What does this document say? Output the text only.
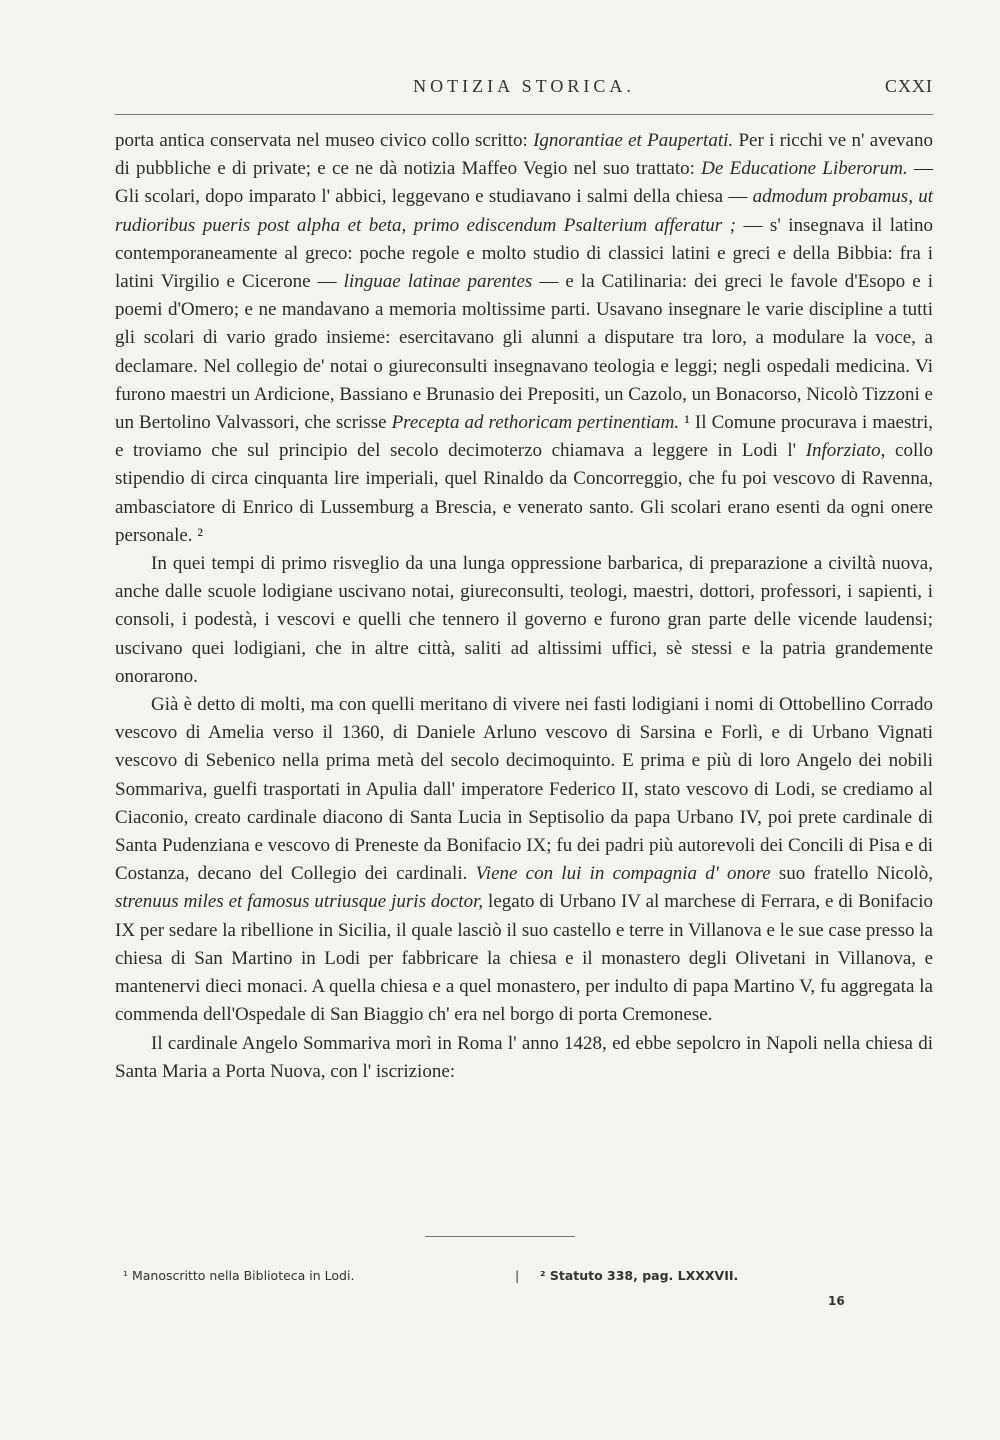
NOTIZIA STORICA.	CXXI

porta antica conservata nel museo civico collo scritto: Ignorantiae et Paupertati. Per i ricchi ve n' avevano di pubbliche e di private; e ce ne dà notizia Maffeo Vegio nel suo trattato: De Educatione Liberorum. — Gli scolari, dopo imparato l' abbici, leggevano e studiavano i salmi della chiesa — admodum probamus, ut rudioribus pueris post alpha et beta, primo ediscendum Psalterium afferatur ; — s' insegnava il latino contemporaneamente al greco: poche regole e molto studio di classici latini e greci e della Bibbia: fra i latini Virgilio e Cicerone — linguae latinae parentes — e la Catilinaria: dei greci le favole d'Esopo e i poemi d'Omero; e ne mandavano a memoria moltissime parti. Usavano insegnare le varie discipline a tutti gli scolari di vario grado insieme: esercitavano gli alunni a disputare tra loro, a modulare la voce, a declamare. Nel collegio de' notai o giureconsulti insegnavano teologia e leggi; negli ospedali medicina. Vi furono maestri un Ardicione, Bassiano e Brunasio dei Prepositi, un Cazolo, un Bonacorso, Nicolò Tizzoni e un Bertolino Valvassori, che scrisse Precepta ad rethoricam pertinentiam. ¹ Il Comune procurava i maestri, e troviamo che sul principio del secolo decimoterzo chiamava a leggere in Lodi l' Inforziato, collo stipendio di circa cinquanta lire imperiali, quel Rinaldo da Concorreggio, che fu poi vescovo di Ravenna, ambasciatore di Enrico di Lussemburg a Brescia, e venerato santo. Gli scolari erano esenti da ogni onere personale. ²

In quei tempi di primo risveglio da una lunga oppressione barbarica, di preparazione a civiltà nuova, anche dalle scuole lodigiane uscivano notai, giureconsulti, teologi, maestri, dottori, professori, i sapienti, i consoli, i podestà, i vescovi e quelli che tennero il governo e furono gran parte delle vicende laudensi; uscivano quei lodigiani, che in altre città, saliti ad altissimi uffici, sè stessi e la patria grandemente onorarono.

Già è detto di molti, ma con quelli meritano di vivere nei fasti lodigiani i nomi di Ottobellino Corrado vescovo di Amelia verso il 1360, di Daniele Arluno vescovo di Sarsina e Forlì, e di Urbano Vignati vescovo di Sebenico nella prima metà del secolo decimoquinto. E prima e più di loro Angelo dei nobili Sommariva, guelfi trasportati in Apulia dall' imperatore Federico II, stato vescovo di Lodi, se crediamo al Ciaconio, creato cardinale diacono di Santa Lucia in Septisolio da papa Urbano IV, poi prete cardinale di Santa Pudenziana e vescovo di Preneste da Bonifacio IX; fu dei padri più autorevoli dei Concili di Pisa e di Costanza, decano del Collegio dei cardinali. Viene con lui in compagnia d' onore suo fratello Nicolò, strenuus miles et famosus utriusque juris doctor, legato di Urbano IV al marchese di Ferrara, e di Bonifacio IX per sedare la ribellione in Sicilia, il quale lasciò il suo castello e terre in Villanova e le sue case presso la chiesa di San Martino in Lodi per fabbricare la chiesa e il monastero degli Olivetani in Villanova, e mantenervi dieci monaci. A quella chiesa e a quel monastero, per indulto di papa Martino V, fu aggregata la commenda dell'Ospedale di San Biaggio ch' era nel borgo di porta Cremonese.

Il cardinale Angelo Sommariva morì in Roma l' anno 1428, ed ebbe sepolcro in Napoli nella chiesa di Santa Maria a Porta Nuova, con l' iscrizione:

¹ Manoscritto nella Biblioteca in Lodi.	| ² Statuto 338, pag. LXXXVII.
16
